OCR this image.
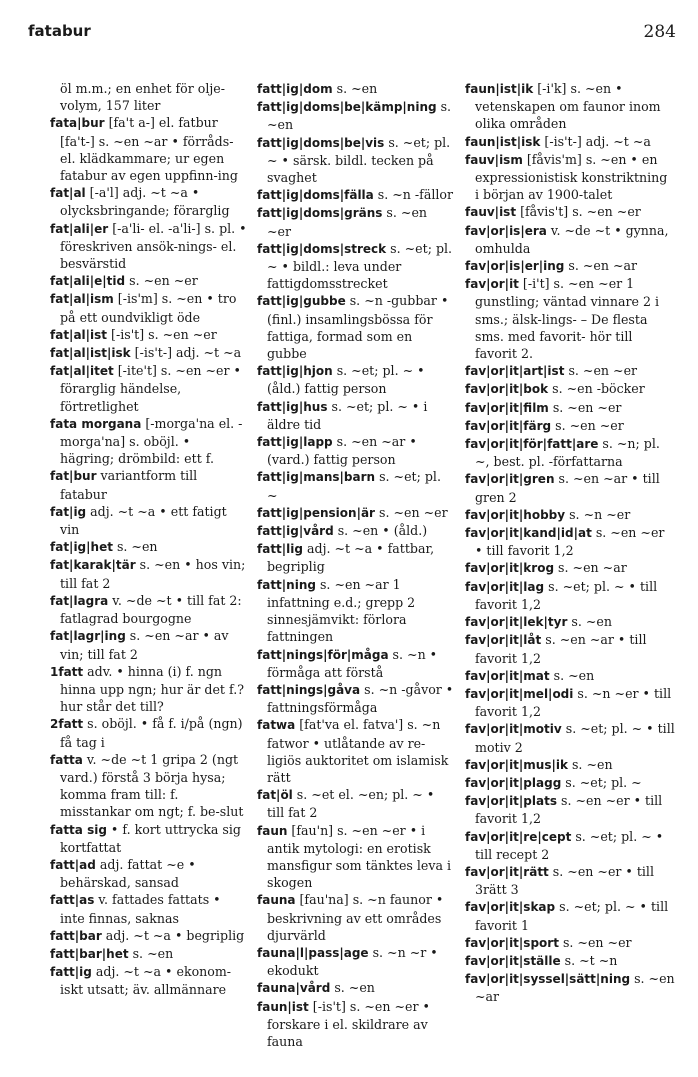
fatabur	284

öl m.m.; en enhet för olje-volym, 157 liter

fata|bur [fa't a-] el. fatbur [fa't-] s. ~en ~ar • förråds-el. klädkammare; ur egen fatabur av egen uppfinn-ing

fat|al [-a'l] adj. ~t ~a • olycksbringande; förarglig

fat|ali|er [-a'li- el. -a'li-] s. pl. • föreskriven ansök-nings- el. besvärstid

fat|ali|e|tid s. ~en ~er

fat|al|ism [-is'm] s. ~en • tro på ett oundvikligt öde

fat|al|ist [-is't] s. ~en ~er

fat|al|ist|isk [-is't-] adj. ~t ~a

fat|al|itet [-ite't] s. ~en ~er • förarglig händelse, förtretlighet

fata morgana [-morga'na el. -morga'na] s. oböjl. • hägring; drömbild: ett f.

fat|bur variantform till fatabur

fat|ig adj. ~t ~a • ett fatigt vin

fat|ig|het s. ~en

fat|karak|tär s. ~en • hos vin; till fat 2

fat|lagra v. ~de ~t • till fat 2: fatlagrad bourgogne

fat|lagr|ing s. ~en ~ar • av vin; till fat 2

1fatt adv. • hinna (i) f. ngn hinna upp ngn; hur är det f.? hur står det till?

2fatt s. oböjl. • få f. i/på (ngn) få tag i

fatta v. ~de ~t 1 gripa 2 (ngt vard.) förstå 3 börja hysa; komma fram till: f. misstankar om ngt; f. be-slut

fatta sig • f. kort uttrycka sig kortfattat

fatt|ad adj. fattat ~e • behärskad, sansad

fatt|as v. fattades fattats • inte finnas, saknas

fatt|bar adj. ~t ~a • begriplig

fatt|bar|het s. ~en

fatt|ig adj. ~t ~a • ekonom-iskt utsatt; äv. allmännare

fatt|ig|dom s. ~en

fatt|ig|doms|be|kämp|ning s. ~en

fatt|ig|doms|be|vis s. ~et; pl. ~ • särsk. bildl. tecken på svaghet

fatt|ig|doms|fälla s. ~n -fällor

fatt|ig|doms|gräns s. ~en ~er

fatt|ig|doms|streck s. ~et; pl. ~ • bildl.: leva under fattigdomsstrecket

fatt|ig|gubbe s. ~n -gubbar • (finl.) insamlingsbössa för fattiga, formad som en gubbe

fatt|ig|hjon s. ~et; pl. ~ • (åld.) fattig person

fatt|ig|hus s. ~et; pl. ~ • i äldre tid

fatt|ig|lapp s. ~en ~ar • (vard.) fattig person

fatt|ig|mans|barn s. ~et; pl. ~

fatt|ig|pension|är s. ~en ~er

fatt|ig|vård s. ~en • (åld.)

fatt|lig adj. ~t ~a • fattbar, begriplig

fatt|ning s. ~en ~ar 1 infattning e.d.; grepp 2 sinnesjämvikt: förlora fattningen

fatt|nings|för|måga s. ~n • förmåga att förstå

fatt|nings|gåva s. ~n -gåvor • fattningsförmåga

fatwa [fat'va el. fatva'] s. ~n fatwor • utlåtande av re-ligiös auktoritet om islamisk rätt

fat|öl s. ~et el. ~en; pl. ~ • till fat 2

faun [fau'n] s. ~en ~er • i antik mytologi: en erotisk mansfigur som tänktes leva i skogen

fauna [fau'na] s. ~n faunor • beskrivning av ett områdes djurvärld

fauna|l|pass|age s. ~n ~r • ekodukt

fauna|vård s. ~en

faun|ist [-is't] s. ~en ~er • forskare i el. skildrare av fauna

faun|ist|ik [-i'k] s. ~en • vetenskapen om faunor inom olika områden

faun|ist|isk [-is't-] adj. ~t ~a

fauv|ism [fåvis'm] s. ~en • en expressionistisk konstriktning i början av 1900-talet

fauv|ist [fåvis't] s. ~en ~er

fav|or|is|era v. ~de ~t • gynna, omhulda

fav|or|is|er|ing s. ~en ~ar

fav|or|it [-i't] s. ~en ~er 1 gunstling; väntad vinnare 2 i sms.; älsk-lings- – De flesta sms. med favorit- hör till favorit 2.

fav|or|it|art|ist s. ~en ~er

fav|or|it|bok s. ~en -böcker

fav|or|it|film s. ~en ~er

fav|or|it|färg s. ~en ~er

fav|or|it|för|fatt|are s. ~n; pl. ~, best. pl. -författarna

fav|or|it|gren s. ~en ~ar • till gren 2

fav|or|it|hobby s. ~n ~er

fav|or|it|kand|id|at s. ~en ~er • till favorit 1,2

fav|or|it|krog s. ~en ~ar

fav|or|it|lag s. ~et; pl. ~ • till favorit 1,2

fav|or|it|lek|tyr s. ~en

fav|or|it|låt s. ~en ~ar • till favorit 1,2

fav|or|it|mat s. ~en

fav|or|it|mel|odi s. ~n ~er • till favorit 1,2

fav|or|it|motiv s. ~et; pl. ~ • till motiv 2

fav|or|it|mus|ik s. ~en

fav|or|it|plagg s. ~et; pl. ~

fav|or|it|plats s. ~en ~er • till favorit 1,2

fav|or|it|re|cept s. ~et; pl. ~ • till recept 2

fav|or|it|rätt s. ~en ~er • till 3rätt 3

fav|or|it|skap s. ~et; pl. ~ • till favorit 1

fav|or|it|sport s. ~en ~er

fav|or|it|ställe s. ~t ~n

fav|or|it|syssel|sätt|ning s. ~en ~ar
